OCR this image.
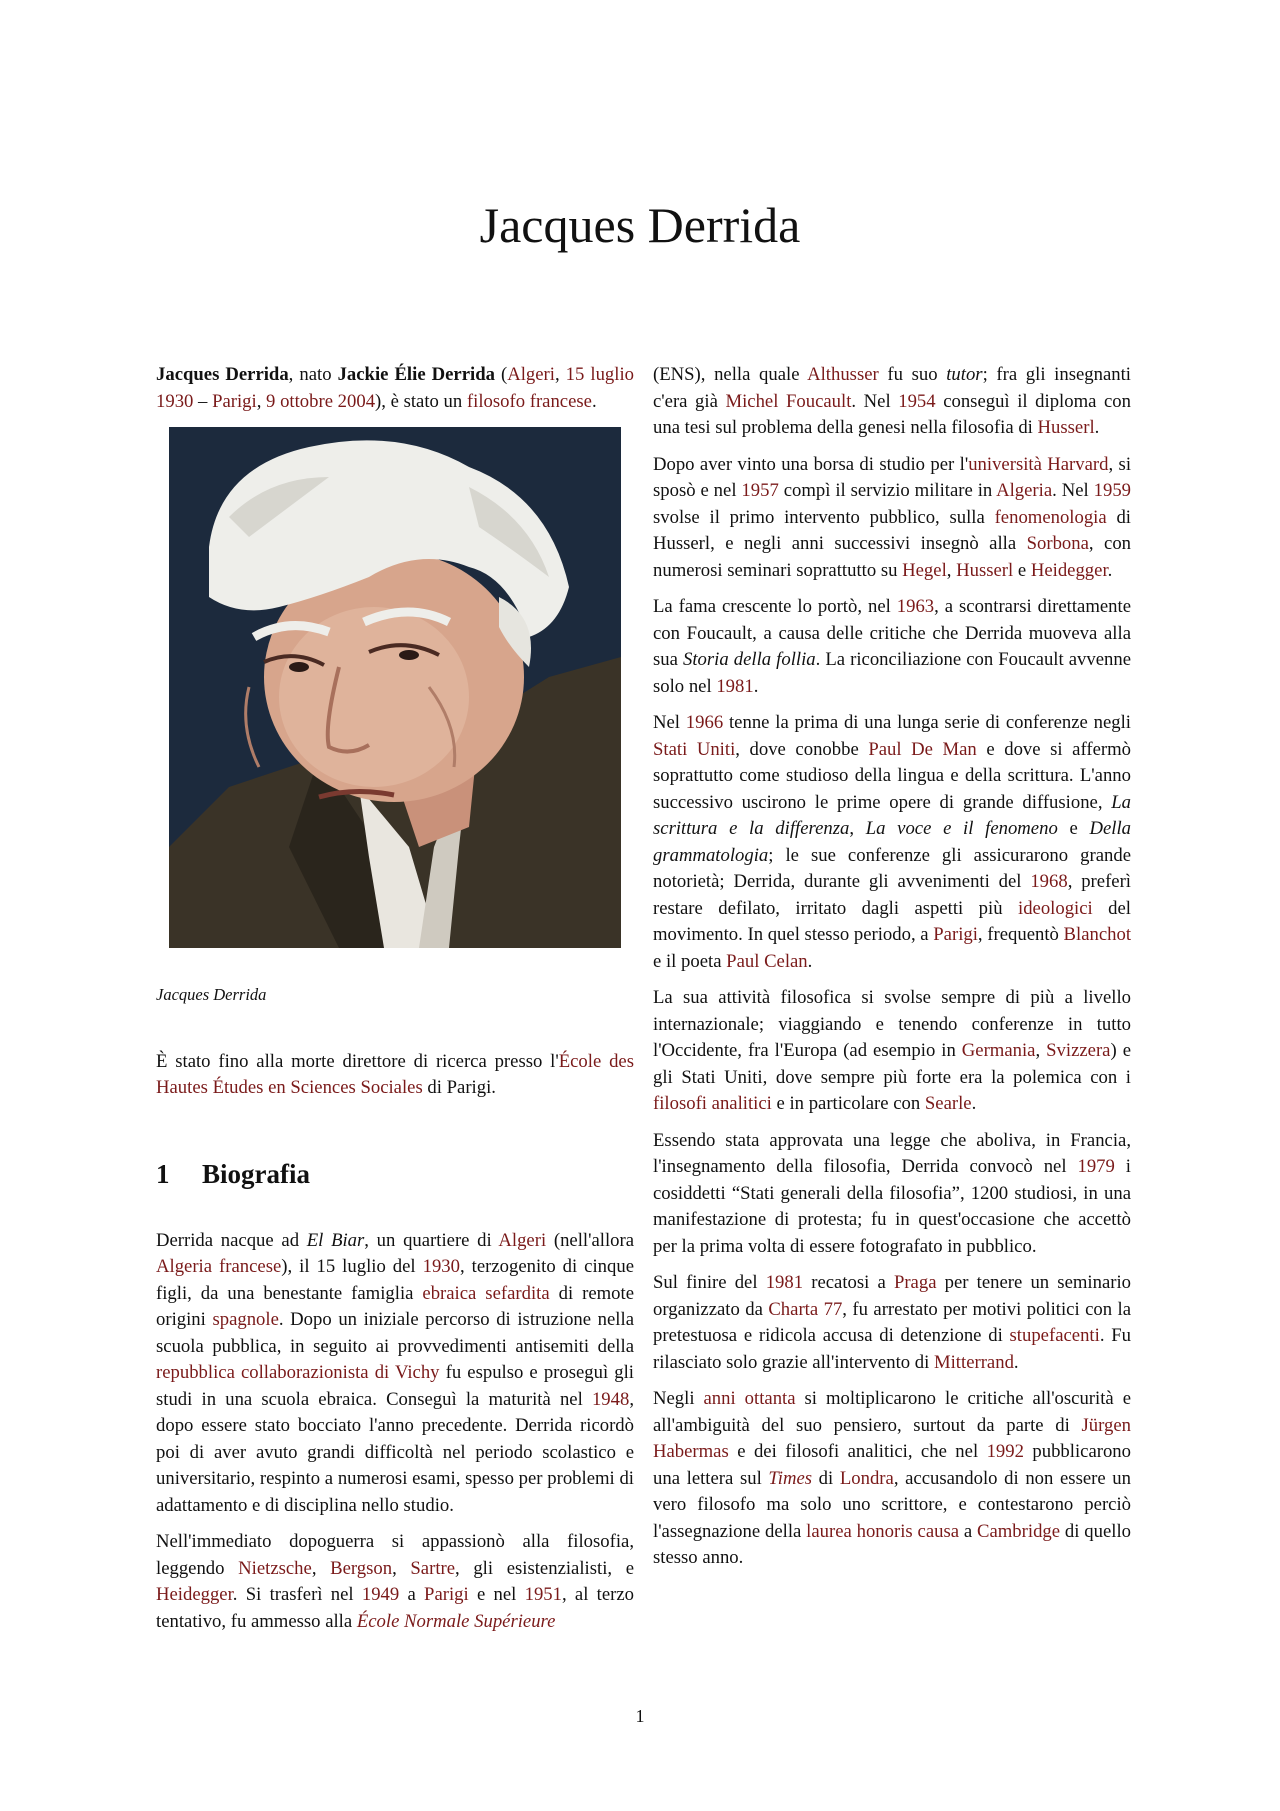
Jacques Derrida

Jacques Derrida, nato Jackie Élie Derrida (Algeri, 15 luglio 1930 – Parigi, 9 ottobre 2004), è stato un filosofo francese.

Jacques Derrida

È stato fino alla morte direttore di ricerca presso l'École des Hautes Études en Sciences Sociales di Parigi.

1 Biografia

Derrida nacque ad El Biar, un quartiere di Algeri (nell'allora Algeria francese), il 15 luglio del 1930, terzogenito di cinque figli, da una benestante famiglia ebraica sefardita di remote origini spagnole. Dopo un iniziale percorso di istruzione nella scuola pubblica, in seguito ai provvedimenti antisemiti della repubblica collaborazionista di Vichy fu espulso e proseguì gli studi in una scuola ebraica. Conseguì la maturità nel 1948, dopo essere stato bocciato l'anno precedente. Derrida ricordò poi di aver avuto grandi difficoltà nel periodo scolastico e universitario, respinto a numerosi esami, spesso per problemi di adattamento e di disciplina nello studio.

Nell'immediato dopoguerra si appassionò alla filosofia, leggendo Nietzsche, Bergson, Sartre, gli esistenzialisti, e Heidegger. Si trasferì nel 1949 a Parigi e nel 1951, al terzo tentativo, fu ammesso alla École Normale Supérieure

(ENS), nella quale Althusser fu suo tutor; fra gli insegnanti c'era già Michel Foucault. Nel 1954 conseguì il diploma con una tesi sul problema della genesi nella filosofia di Husserl.

Dopo aver vinto una borsa di studio per l'università Harvard, si sposò e nel 1957 compì il servizio militare in Algeria. Nel 1959 svolse il primo intervento pubblico, sulla fenomenologia di Husserl, e negli anni successivi insegnò alla Sorbona, con numerosi seminari soprattutto su Hegel, Husserl e Heidegger.

La fama crescente lo portò, nel 1963, a scontrarsi direttamente con Foucault, a causa delle critiche che Derrida muoveva alla sua Storia della follia. La riconciliazione con Foucault avvenne solo nel 1981.

Nel 1966 tenne la prima di una lunga serie di conferenze negli Stati Uniti, dove conobbe Paul De Man e dove si affermò soprattutto come studioso della lingua e della scrittura. L'anno successivo uscirono le prime opere di grande diffusione, La scrittura e la differenza, La voce e il fenomeno e Della grammatologia; le sue conferenze gli assicurarono grande notorietà; Derrida, durante gli avvenimenti del 1968, preferì restare defilato, irritato dagli aspetti più ideologici del movimento. In quel stesso periodo, a Parigi, frequentò Blanchot e il poeta Paul Celan.

La sua attività filosofica si svolse sempre di più a livello internazionale; viaggiando e tenendo conferenze in tutto l'Occidente, fra l'Europa (ad esempio in Germania, Svizzera) e gli Stati Uniti, dove sempre più forte era la polemica con i filosofi analitici e in particolare con Searle.

Essendo stata approvata una legge che aboliva, in Francia, l'insegnamento della filosofia, Derrida convocò nel 1979 i cosiddetti “Stati generali della filosofia”, 1200 studiosi, in una manifestazione di protesta; fu in quest'occasione che accettò per la prima volta di essere fotografato in pubblico.

Sul finire del 1981 recatosi a Praga per tenere un seminario organizzato da Charta 77, fu arrestato per motivi politici con la pretestuosa e ridicola accusa di detenzione di stupefacenti. Fu rilasciato solo grazie all'intervento di Mitterrand.

Negli anni ottanta si moltiplicarono le critiche all'oscurità e all'ambiguità del suo pensiero, surtout da parte di Jürgen Habermas e dei filosofi analitici, che nel 1992 pubblicarono una lettera sul Times di Londra, accusandolo di non essere un vero filosofo ma solo uno scrittore, e contestarono perciò l'assegnazione della laurea honoris causa a Cambridge di quello stesso anno.

1
